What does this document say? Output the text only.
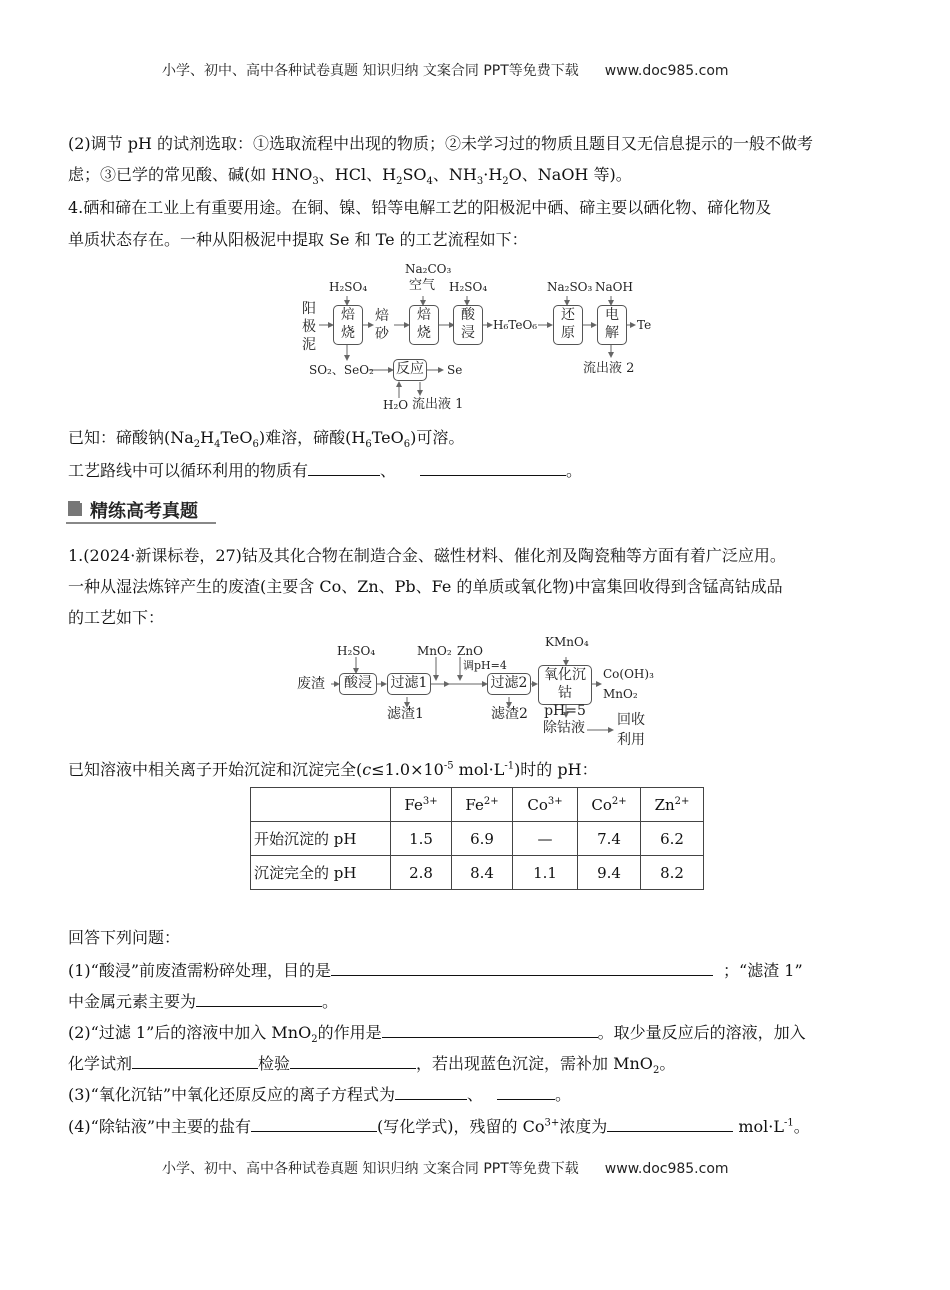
小学、初中、高中各种试卷真题 知识归纳 文案合同 PPT等免费下载 www.doc985.com
(2)调节 pH 的试剂选取：①选取流程中出现的物质；②未学习过的物质且题目又无信息提示的一般不做考
虑；③已学的常见酸、碱(如 $HNO_3$、HCl、$H_2SO_4$、$NH_3\cdot H_2O$、NaOH 等)。
4.硒和碲在工业上有重要用途。在铜、镍、铅等电解工艺的阳极泥中硒、碲主要以硒化物、碲化物及
单质状态存在。一种从阳极泥中提取 Se 和 Te 的工艺流程如下：
阳
极
泥
H₂SO₄
焙
烧
焙
砂
Na₂CO₃
空气
焙
烧
H₂SO₄
酸
浸	H₆TeO₆
Na₂SO₃
还
原
NaOH
电
解	Te
流出液 2
SO₂、SeO₂ 反应 Se
H₂O 流出液 1
已知：碲酸钠$(Na_2H_4TeO_6)$难溶，碲酸$(H_6TeO_6)$可溶。
工艺路线中可以循环利用的物质有	、	。
精练高考真题
1.(2024·新课标卷，27)钴及其化合物在制造合金、磁性材料、催化剂及陶瓷釉等方面有着广泛应用。
一种从湿法炼锌产生的废渣(主要含 Co、Zn、Pb、Fe 的单质或氧化物)中富集回收得到含锰高钴成品
的工艺如下：
废渣
H₂SO₄
酸浸	过滤1
滤渣1
MnO₂ ZnO
调pH=4
过滤2
滤渣2
KMnO₄
氧化沉
钴pH=5
Co(OH)₃
MnO₂
除钴液 回收
利用
已知溶液中相关离子开始沉淀和沉淀完全($c\le 1.0\times 10^{-5}$ $mol\cdot L^{-1}$)时的 pH：
	$Fe^{3+}$	$Fe^{2+}$	$Co^{3+}$	$Co^{2+}$	$Zn^{2+}$
开始沉淀的 pH	1.5	6.9	—	7.4	6.2
沉淀完全的 pH	2.8	8.4	1.1	9.4	8.2
回答下列问题：
(1)“酸浸”前废渣需粉碎处理，目的是	；“滤渣 1”
中金属元素主要为	。
(2)“过滤 1”后的溶液中加入 MnO$_2$的作用是	。取少量反应后的溶液，加入
化学试剂	检验	，若出现蓝色沉淀，需补加 MnO$_2$。
(3)“氧化沉钴”中氧化还原反应的离子方程式为	、	。
(4)“除钴液”中主要的盐有	(写化学式)，残留的 $Co^{3+}$浓度为	$mol\cdot L^{-1}$。
小学、初中、高中各种试卷真题 知识归纳 文案合同 PPT等免费下载 www.doc985.com
